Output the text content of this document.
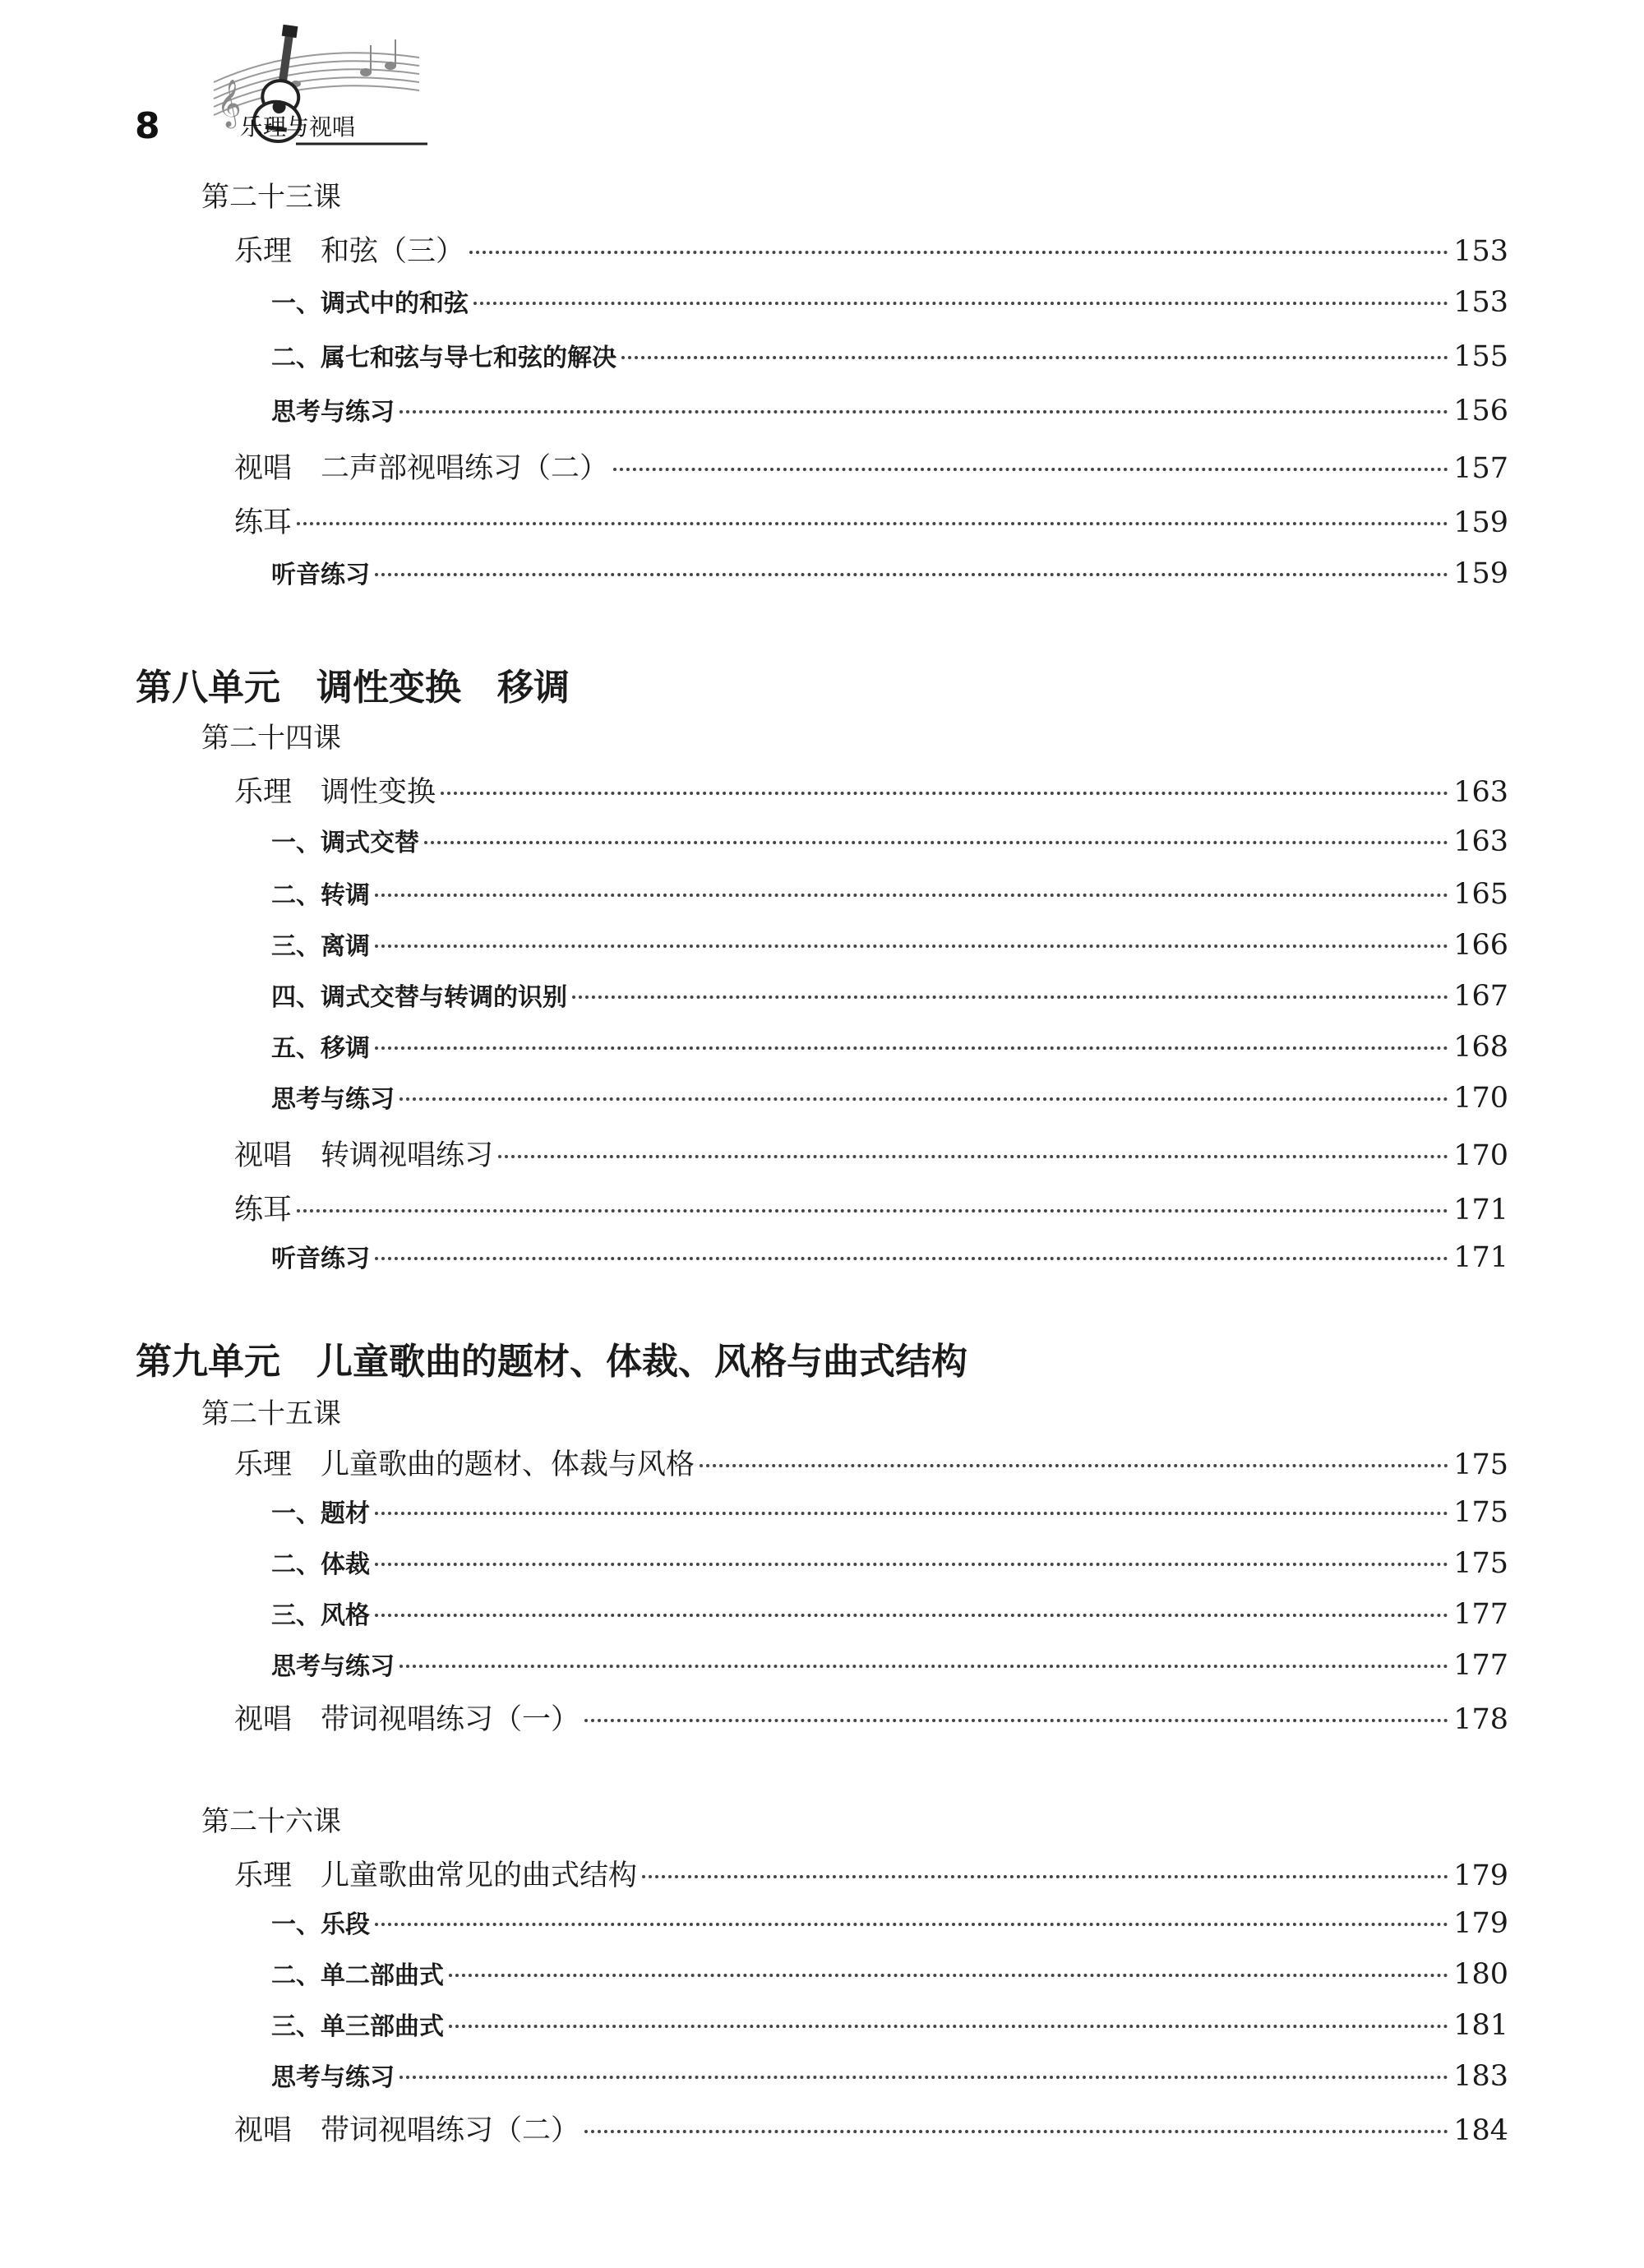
𝄞
8	乐理与视唱
第二十三课
乐理　和弦（三）	153
一、调式中的和弦	153
二、属七和弦与导七和弦的解决	155
思考与练习	156
视唱　二声部视唱练习（二）	157
练耳	159
听音练习	159
第八单元　调性变换　移调
第二十四课
乐理　调性变换	163
一、调式交替	163
二、转调	165
三、离调	166
四、调式交替与转调的识别	167
五、移调	168
思考与练习	170
视唱　转调视唱练习	170
练耳	171
听音练习	171
第九单元　儿童歌曲的题材、体裁、风格与曲式结构
第二十五课
乐理　儿童歌曲的题材、体裁与风格	175
一、题材	175
二、体裁	175
三、风格	177
思考与练习	177
视唱　带词视唱练习（一）	178
第二十六课
乐理　儿童歌曲常见的曲式结构	179
一、乐段	179
二、单二部曲式	180
三、单三部曲式	181
思考与练习	183
视唱　带词视唱练习（二）	184
